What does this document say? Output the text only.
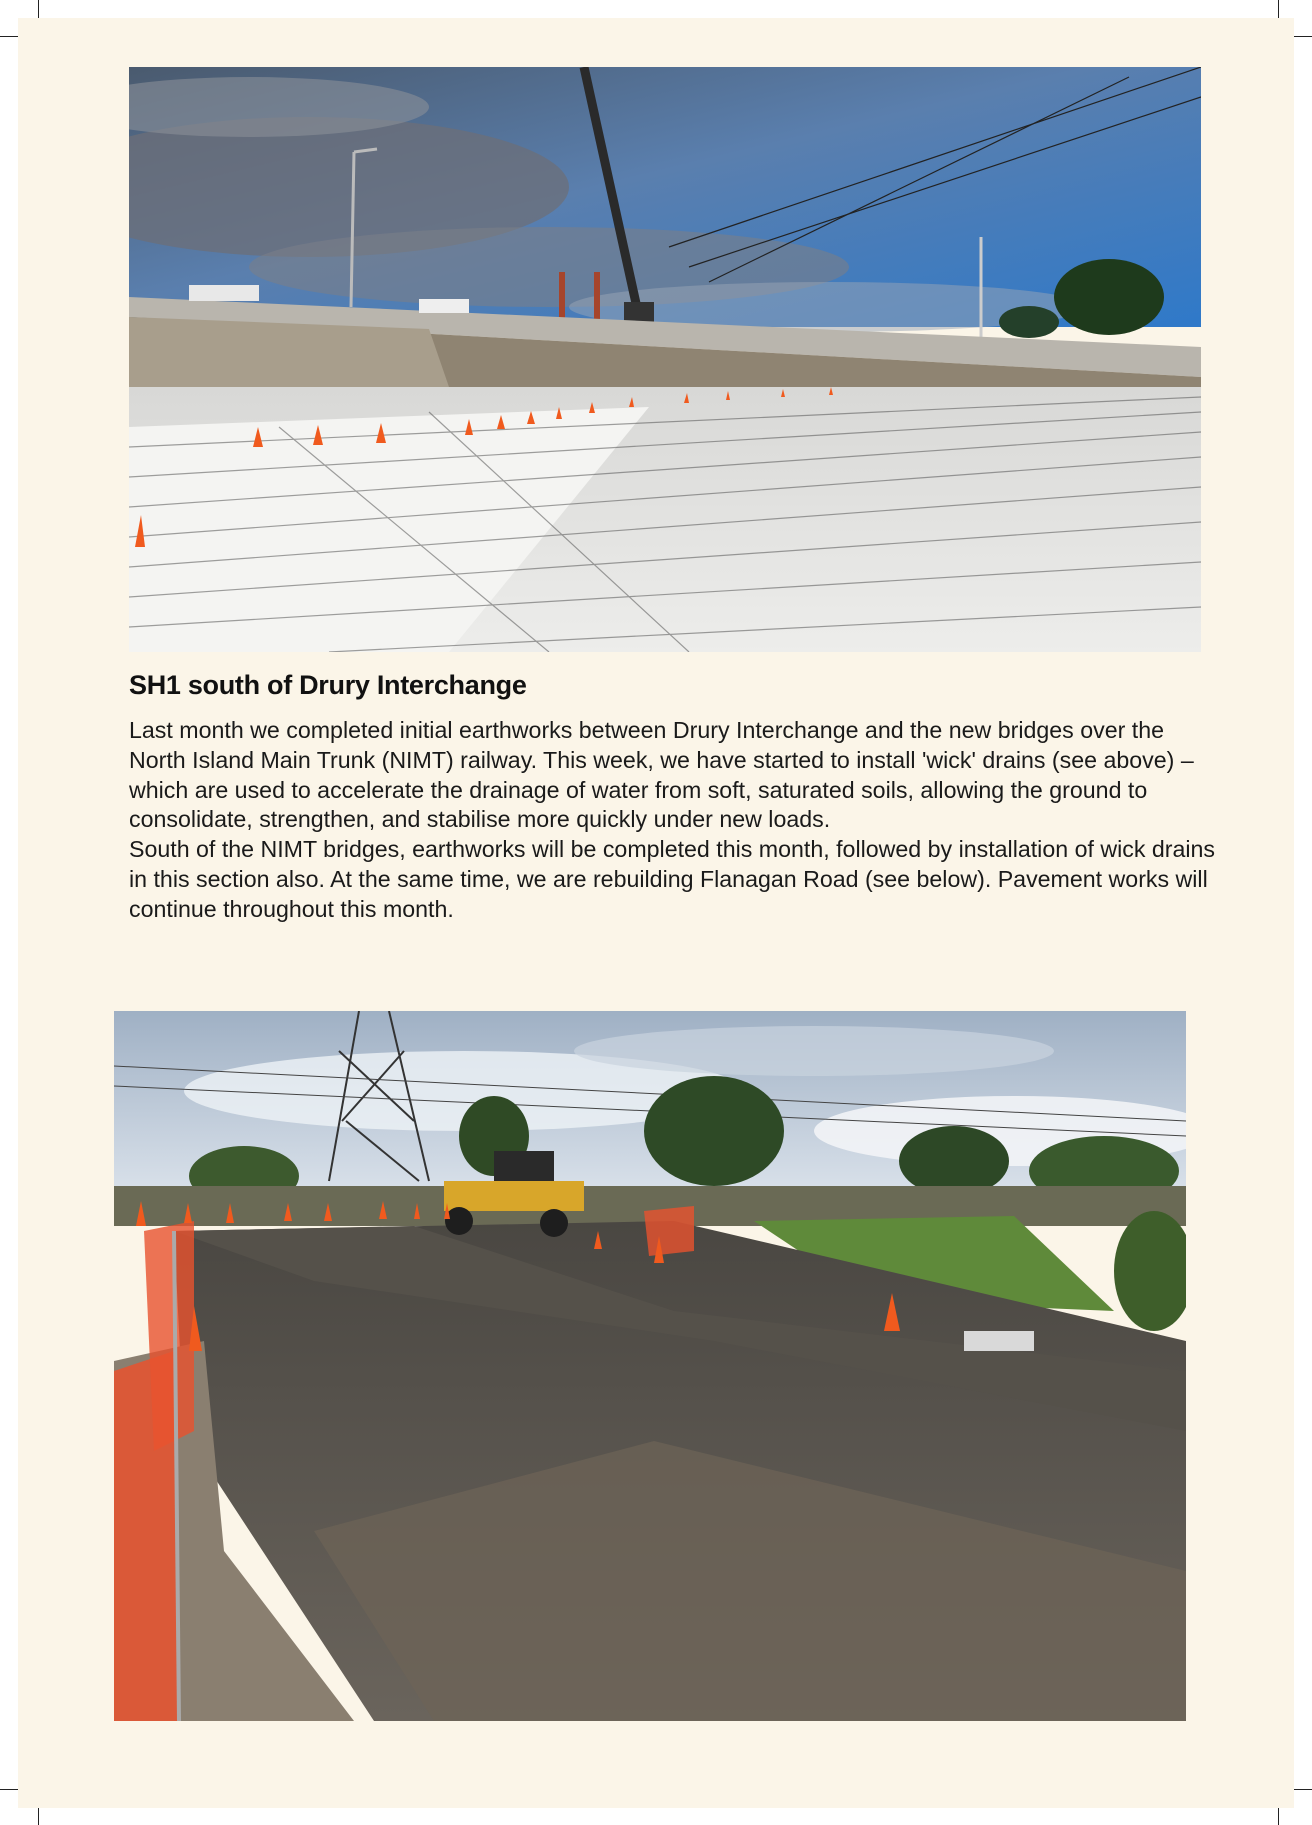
SH1 south of Drury Interchange

Last month we completed initial earthworks between Drury Interchange and the new bridges over the North Island Main Trunk (NIMT) railway. This week, we have started to install 'wick' drains (see above) – which are used to accelerate the drainage of water from soft, saturated soils, allowing the ground to consolidate, strengthen, and stabilise more quickly under new loads.

South of the NIMT bridges, earthworks will be completed this month, followed by installation of wick drains in this section also. At the same time, we are rebuilding Flanagan Road (see below). Pavement works will continue throughout this month.
